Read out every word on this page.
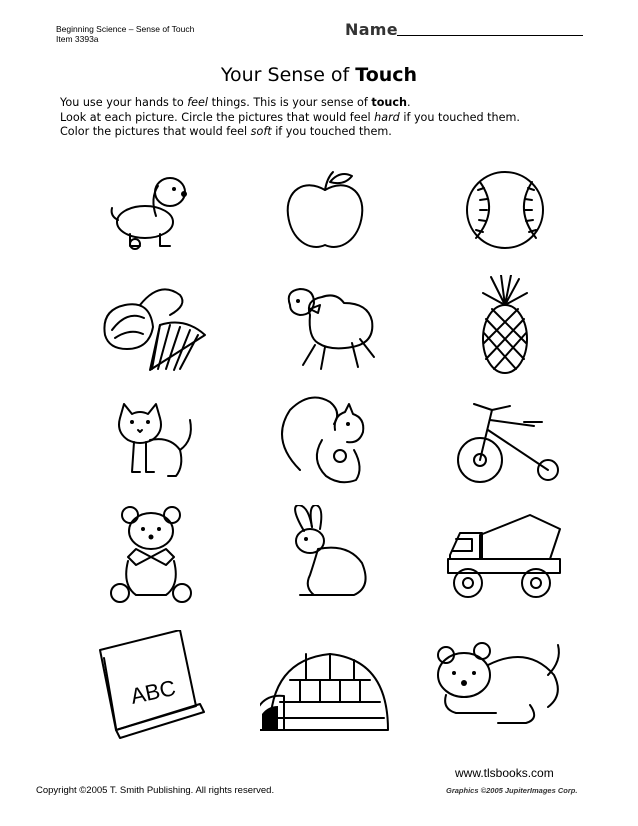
Beginning Science – Sense of Touch
Item 3393a	Name
Your Sense of Touch

You use your hands to feel things. This is your sense of touch.

Look at each picture. Circle the pictures that would feel hard if you touched them.

Color the pictures that would feel soft if you touched them.

ABC
www.tlsbooks.com
Copyright ©2005 T. Smith Publishing. All rights reserved.	Graphics ©2005 JupiterImages Corp.
